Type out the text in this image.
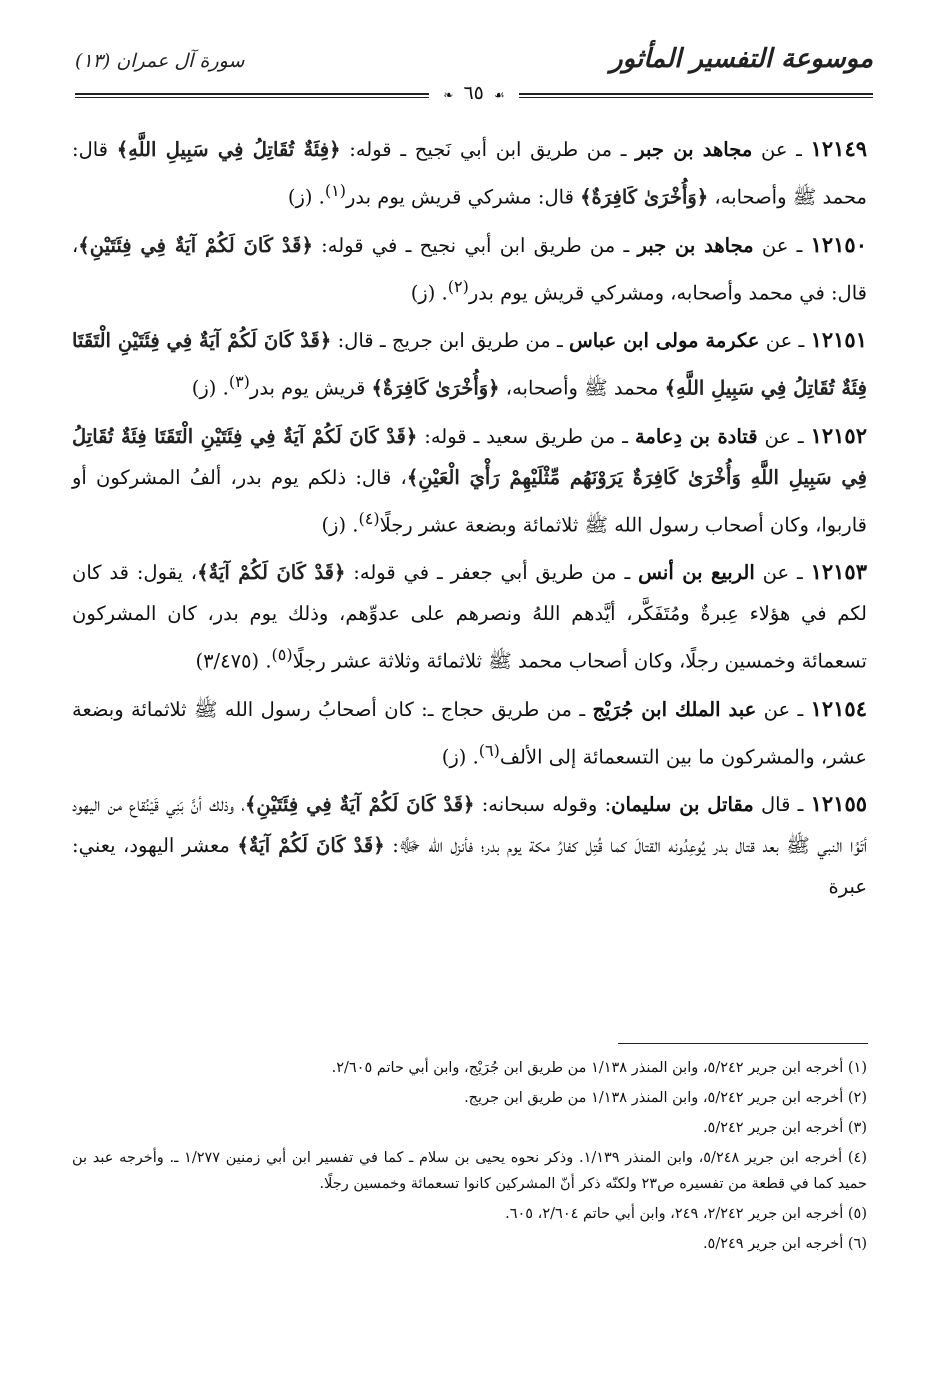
موسوعة التفسير المأثور
سورة آل عمران (١٣)
☙ ٦٥ ❧

١٢١٤٩ ـ عن مجاهد بن جبر ـ من طريق ابن أبي نَجيح ـ قوله: ﴿فِئَةٌ تُقَاتِلُ فِي سَبِيلِ اللَّهِ﴾ قال: محمد ﷺ وأصحابه، ﴿وَأُخْرَىٰ كَافِرَةٌ﴾ قال: مشركي قريش يوم بدر$^{(١)}$. (ز)

١٢١٥٠ ـ عن مجاهد بن جبر ـ من طريق ابن أبي نجيح ـ في قوله: ﴿قَدْ كَانَ لَكُمْ آيَةٌ فِي فِئَتَيْنِ﴾، قال: في محمد وأصحابه، ومشركي قريش يوم بدر$^{(٢)}$. (ز)

١٢١٥١ ـ عن عكرمة مولى ابن عباس ـ من طريق ابن جريج ـ قال: ﴿قَدْ كَانَ لَكُمْ آيَةٌ فِي فِئَتَيْنِ الْتَقَتَا فِئَةٌ تُقَاتِلُ فِي سَبِيلِ اللَّهِ﴾ محمد ﷺ وأصحابه، ﴿وَأُخْرَىٰ كَافِرَةٌ﴾ قريش يوم بدر$^{(٣)}$. (ز)

١٢١٥٢ ـ عن قتادة بن دِعامة ـ من طريق سعيد ـ قوله: ﴿قَدْ كَانَ لَكُمْ آيَةٌ فِي فِئَتَيْنِ الْتَقَتَا فِئَةٌ تُقَاتِلُ فِي سَبِيلِ اللَّهِ وَأُخْرَىٰ كَافِرَةٌ يَرَوْنَهُم مِّثْلَيْهِمْ رَأْيَ الْعَيْنِ﴾، قال: ذلكم يوم بدر، ألفُ المشركون أو قاربوا، وكان أصحاب رسول الله ﷺ ثلاثمائة وبضعة عشر رجلًا$^{(٤)}$. (ز)

١٢١٥٣ ـ عن الربيع بن أنس ـ من طريق أبي جعفر ـ في قوله: ﴿قَدْ كَانَ لَكُمْ آيَةٌ﴾، يقول: قد كان لكم في هؤلاء عِبرةٌ ومُتَفَكَّر، أيَّدهم اللهُ ونصرهم على عدوِّهم، وذلك يوم بدر، كان المشركون تسعمائة وخمسين رجلًا، وكان أصحاب محمد ﷺ ثلاثمائة وثلاثة عشر رجلًا$^{(٥)}$. (٣/٤٧٥)

١٢١٥٤ ـ عن عبد الملك ابن جُرَيْج ـ من طريق حجاج ـ: كان أصحابُ رسول الله ﷺ ثلاثمائة وبضعة عشر، والمشركون ما بين التسعمائة إلى الألف$^{(٦)}$. (ز)

١٢١٥٥ ـ قال مقاتل بن سليمان: وقوله سبحانه: ﴿قَدْ كَانَ لَكُمْ آيَةٌ فِي فِئَتَيْنِ﴾، وذلك أنَّ بَنِي قَيْنُقاع من اليهود أتَوُا النبي ﷺ بعد قتال بدر يُوعِدُونه القتالَ كما قُتِل كفارُ مكة يوم بدر؛ فأنزل الله ﷻ: ﴿قَدْ كَانَ لَكُمْ آيَةٌ﴾ معشر اليهود، يعني: عبرة

(١) أخرجه ابن جرير ٥/٢٤٢، وابن المنذر ١/١٣٨ من طريق ابن جُرَيْج، وابن أبي حاتم ٢/٦٠٥.

(٢) أخرجه ابن جرير ٥/٢٤٢، وابن المنذر ١/١٣٨ من طريق ابن جريج.

(٣) أخرجه ابن جرير ٥/٢٤٢.

(٤) أخرجه ابن جرير ٥/٢٤٨، وابن المنذر ١/١٣٩. وذكر نحوه يحيى بن سلام ـ كما في تفسير ابن أبي زمنين ١/٢٧٧ ـ. وأخرجه عبد بن حميد كما في قطعة من تفسيره ص٢٣ ولكنّه ذكر أنّ المشركين كانوا تسعمائة وخمسين رجلًا.

(٥) أخرجه ابن جرير ٢/٢٤٢، ٢٤٩، وابن أبي حاتم ٢/٦٠٤، ٦٠٥.

(٦) أخرجه ابن جرير ٥/٢٤٩.
